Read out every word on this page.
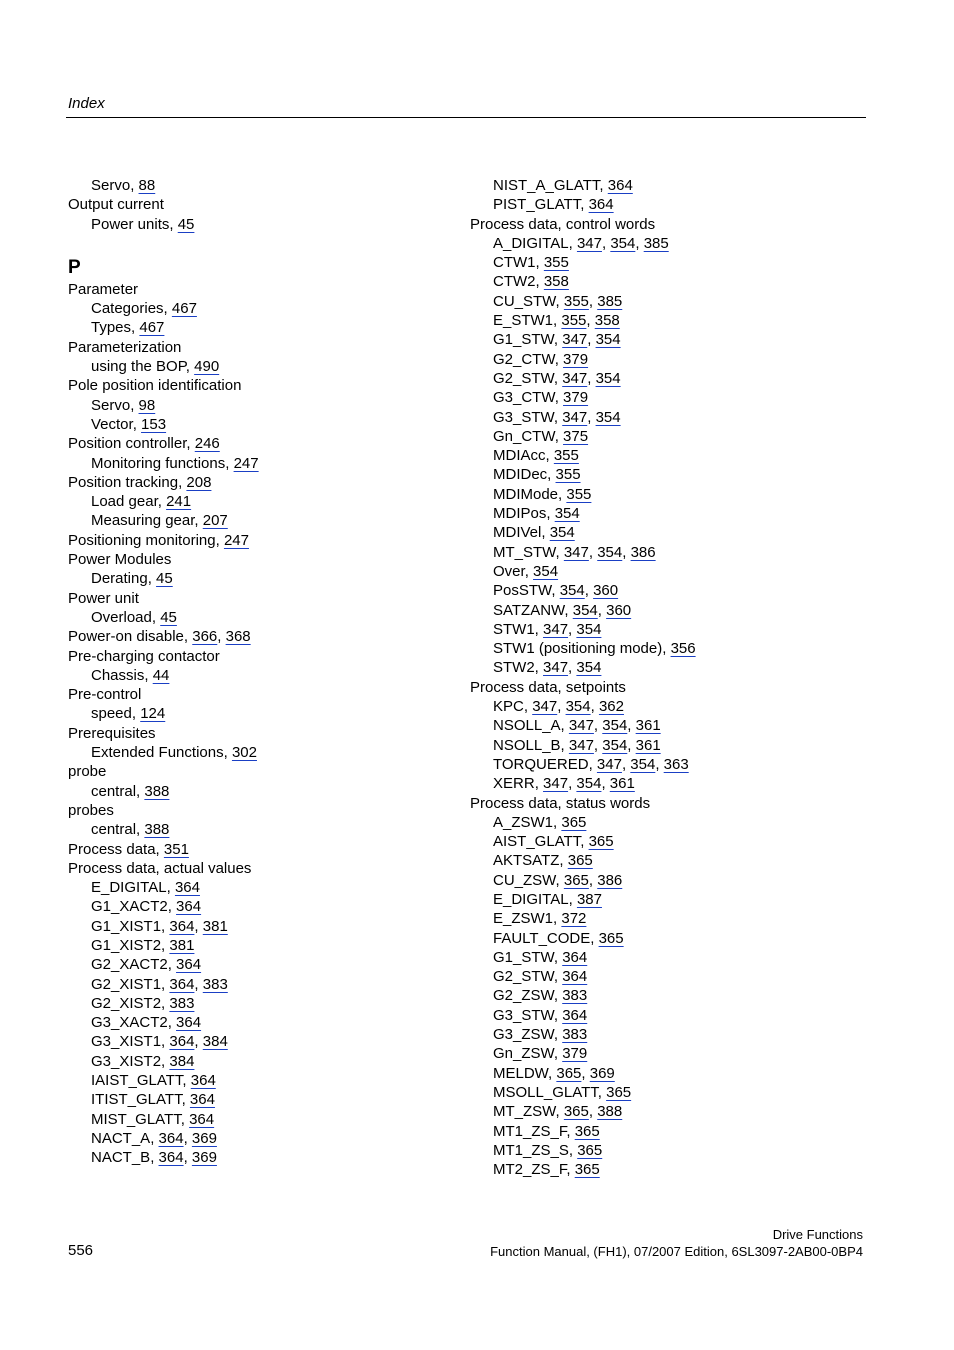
Index
Servo, 88
Output current
Power units, 45
P
Parameter
Categories, 467
Types, 467
Parameterization
using the BOP, 490
Pole position identification
Servo, 98
Vector, 153
Position controller, 246
Monitoring functions, 247
Position tracking, 208
Load gear, 241
Measuring gear, 207
Positioning monitoring, 247
Power Modules
Derating, 45
Power unit
Overload, 45
Power-on disable, 366, 368
Pre-charging contactor
Chassis, 44
Pre-control
speed, 124
Prerequisites
Extended Functions, 302
probe
central, 388
probes
central, 388
Process data, 351
Process data, actual values
E_DIGITAL, 364
G1_XACT2, 364
G1_XIST1, 364, 381
G1_XIST2, 381
G2_XACT2, 364
G2_XIST1, 364, 383
G2_XIST2, 383
G3_XACT2, 364
G3_XIST1, 364, 384
G3_XIST2, 384
IAIST_GLATT, 364
ITIST_GLATT, 364
MIST_GLATT, 364
NACT_A, 364, 369
NACT_B, 364, 369
NIST_A_GLATT, 364
PIST_GLATT, 364
Process data, control words
A_DIGITAL, 347, 354, 385
CTW1, 355
CTW2, 358
CU_STW, 355, 385
E_STW1, 355, 358
G1_STW, 347, 354
G2_CTW, 379
G2_STW, 347, 354
G3_CTW, 379
G3_STW, 347, 354
Gn_CTW, 375
MDIAcc, 355
MDIDec, 355
MDIMode, 355
MDIPos, 354
MDIVel, 354
MT_STW, 347, 354, 386
Over, 354
PosSTW, 354, 360
SATZANW, 354, 360
STW1, 347, 354
STW1 (positioning mode), 356
STW2, 347, 354
Process data, setpoints
KPC, 347, 354, 362
NSOLL_A, 347, 354, 361
NSOLL_B, 347, 354, 361
TORQUERED, 347, 354, 363
XERR, 347, 354, 361
Process data, status words
A_ZSW1, 365
AIST_GLATT, 365
AKTSATZ, 365
CU_ZSW, 365, 386
E_DIGITAL, 387
E_ZSW1, 372
FAULT_CODE, 365
G1_STW, 364
G2_STW, 364
G2_ZSW, 383
G3_STW, 364
G3_ZSW, 383
Gn_ZSW, 379
MELDW, 365, 369
MSOLL_GLATT, 365
MT_ZSW, 365, 388
MT1_ZS_F, 365
MT1_ZS_S, 365
MT2_ZS_F, 365
556
Drive Functions
Function Manual, (FH1), 07/2007 Edition, 6SL3097-2AB00-0BP4
